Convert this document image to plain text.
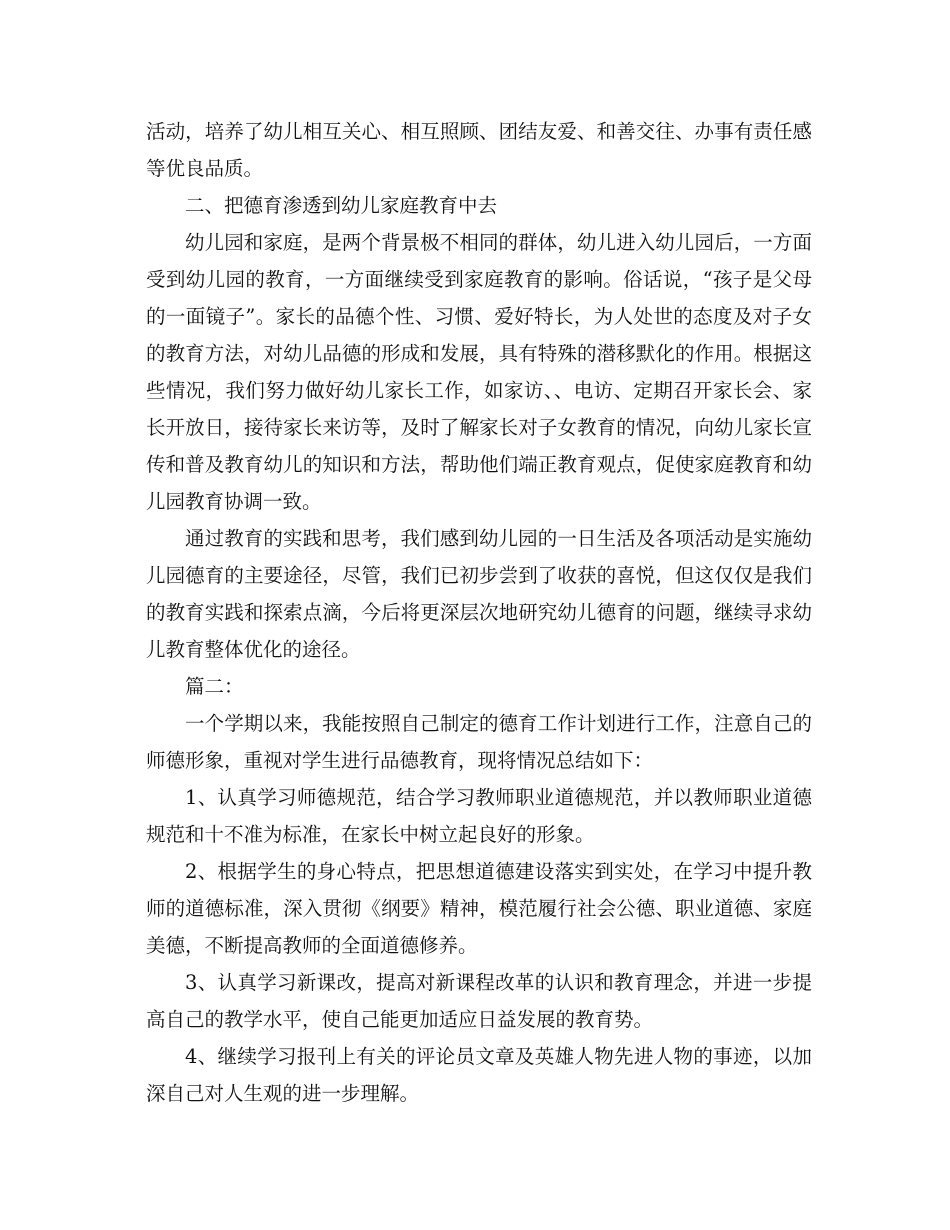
活动，培养了幼儿相互关心、相互照顾、团结友爱、和善交往、办事有责任感等优良品质。

二、把德育渗透到幼儿家庭教育中去

幼儿园和家庭，是两个背景极不相同的群体，幼儿进入幼儿园后，一方面受到幼儿园的教育，一方面继续受到家庭教育的影响。俗话说，“孩子是父母的一面镜子”。家长的品德个性、习惯、爱好特长，为人处世的态度及对子女的教育方法，对幼儿品德的形成和发展，具有特殊的潜移默化的作用。根据这些情况，我们努力做好幼儿家长工作，如家访、、电访、定期召开家长会、家长开放日，接待家长来访等，及时了解家长对子女教育的情况，向幼儿家长宣传和普及教育幼儿的知识和方法，帮助他们端正教育观点，促使家庭教育和幼儿园教育协调一致。

通过教育的实践和思考，我们感到幼儿园的一日生活及各项活动是实施幼儿园德育的主要途径，尽管，我们已初步尝到了收获的喜悦，但这仅仅是我们的教育实践和探索点滴，今后将更深层次地研究幼儿德育的问题，继续寻求幼儿教育整体优化的途径。

篇二：

一个学期以来，我能按照自己制定的德育工作计划进行工作，注意自己的师德形象，重视对学生进行品德教育，现将情况总结如下：

1、认真学习师德规范，结合学习教师职业道德规范，并以教师职业道德规范和十不准为标准，在家长中树立起良好的形象。

2、根据学生的身心特点，把思想道德建设落实到实处，在学习中提升教师的道德标准，深入贯彻《纲要》精神，模范履行社会公德、职业道德、家庭美德，不断提高教师的全面道德修养。

3、认真学习新课改，提高对新课程改革的认识和教育理念，并进一步提高自己的教学水平，使自己能更加适应日益发展的教育势。

4、继续学习报刊上有关的评论员文章及英雄人物先进人物的事迹，以加深自己对人生观的进一步理解。
